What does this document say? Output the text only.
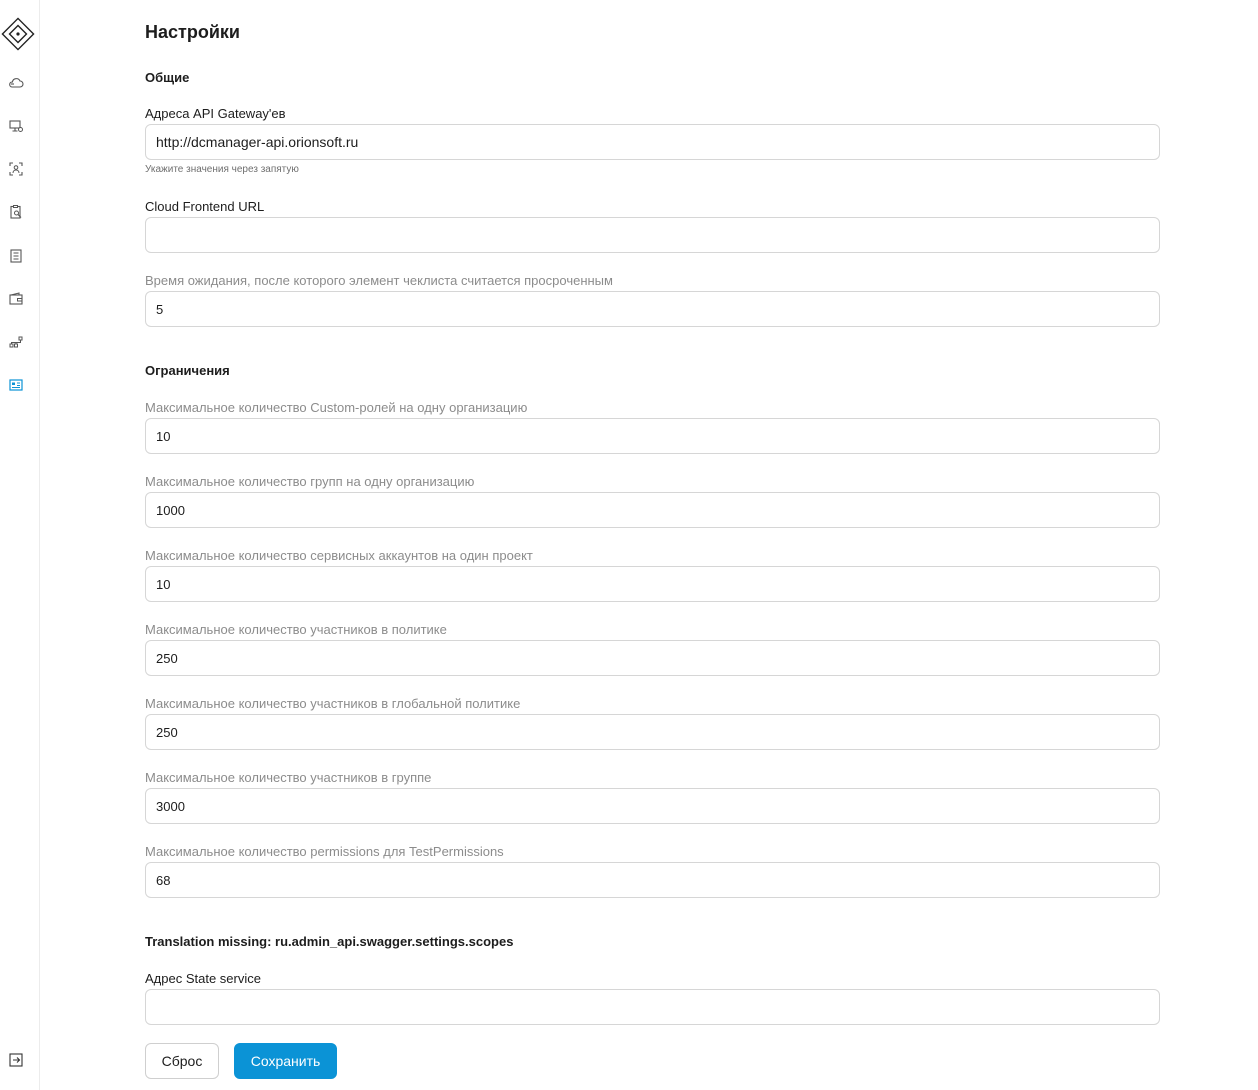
Настройки
Общие
Адреса API Gateway'ев
http://dcmanager-api.orionsoft.ru
Укажите значения через запятую
Cloud Frontend URL
Время ожидания, после которого элемент чеклиста считается просроченным
5
Ограничения
Максимальное количество Custom-ролей на одну организацию
10
Максимальное количество групп на одну организацию
1000
Максимальное количество сервисных аккаунтов на один проект
10
Максимальное количество участников в политике
250
Максимальное количество участников в глобальной политике
250
Максимальное количество участников в группе
3000
Максимальное количество permissions для TestPermissions
68
Translation missing: ru.admin_api.swagger.settings.scopes
Адрес State service
Сброс	Сохранить
